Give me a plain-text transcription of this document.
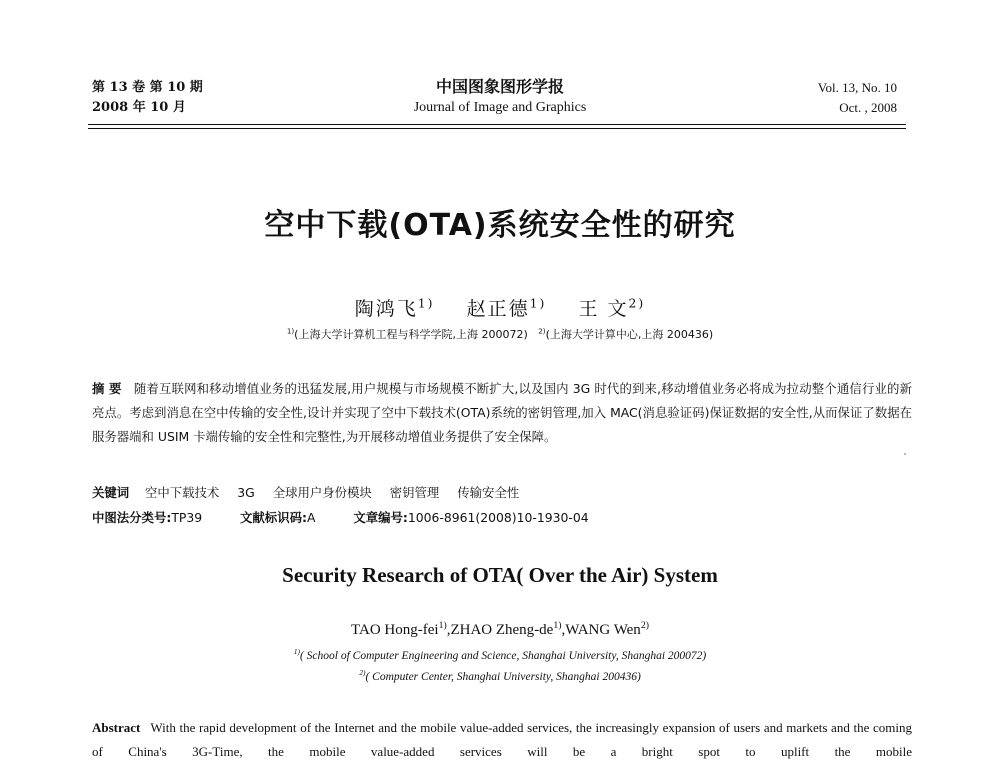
第 13 卷 第 10 期
2008 年 10 月
中国图象图形学报
Journal of Image and Graphics
Vol. 13, No. 10
Oct. , 2008
空中下载(OTA)系统安全性的研究
陶鸿飞$^{1)}$ 赵正德$^{1)}$ 王 文$^{2)}$
$^{1)}$(上海大学计算机工程与科学学院,上海 200072) $^{2)}$(上海大学计算中心,上海 200436)
摘 要 随着互联网和移动增值业务的迅猛发展,用户规模与市场规模不断扩大,以及国内 3G 时代的到来,移动增值业务必将成为拉动整个通信行业的新亮点。考虑到消息在空中传输的安全性,设计并实现了空中下载技术(OTA)系统的密钥管理,加入 MAC(消息验证码)保证数据的安全性,从而保证了数据在服务器端和 USIM 卡端传输的安全性和完整性,为开展移动增值业务提供了安全保障。
关键词 空中下载技术 3G 全球用户身份模块 密钥管理 传输安全性
中图法分类号:TP39	文献标识码:A	文章编号:1006-8961(2008)10-1930-04
Security Research of OTA( Over the Air) System
TAO Hong-fei$^{1)}$,ZHAO Zheng-$de^{1)},WANG$ Wen$^{2)}$
$^{1)}$( School of Computer Engineering and Science, Shanghai University, Shanghai 200072)
$^{2)}$( Computer Center, Shanghai University, Shanghai 200436)
Abstract With the rapid development of the Internet and the mobile value-added services, the increasingly expansion of users and markets and the coming of China's 3G-Time, the mobile value-added services will be a bright spot to uplift the mobile
